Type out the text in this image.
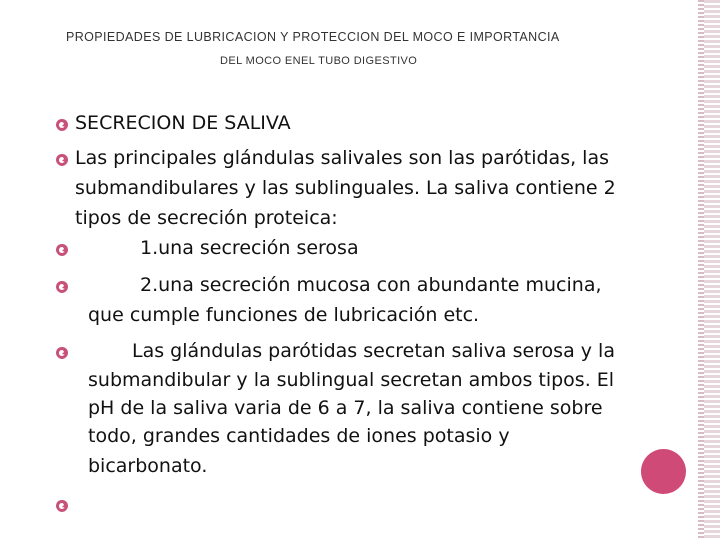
PROPIEDADES DE LUBRICACION Y PROTECCION DEL MOCO E IMPORTANCIA
DEL MOCO ENEL TUBO DIGESTIVO
SECRECION DE SALIVA
Las principales glándulas salivales son las parótidas, las
submandibulares y las sublinguales. La saliva contiene 2
tipos de secreción proteica:
1.una secreción serosa
2.una secreción mucosa con abundante mucina,
que cumple funciones de lubricación etc.
Las glándulas parótidas secretan saliva serosa y la
submandibular y la sublingual secretan ambos tipos. El
pH de la saliva varia de 6 a 7, la saliva contiene sobre
todo, grandes cantidades de iones potasio y
bicarbonato.
